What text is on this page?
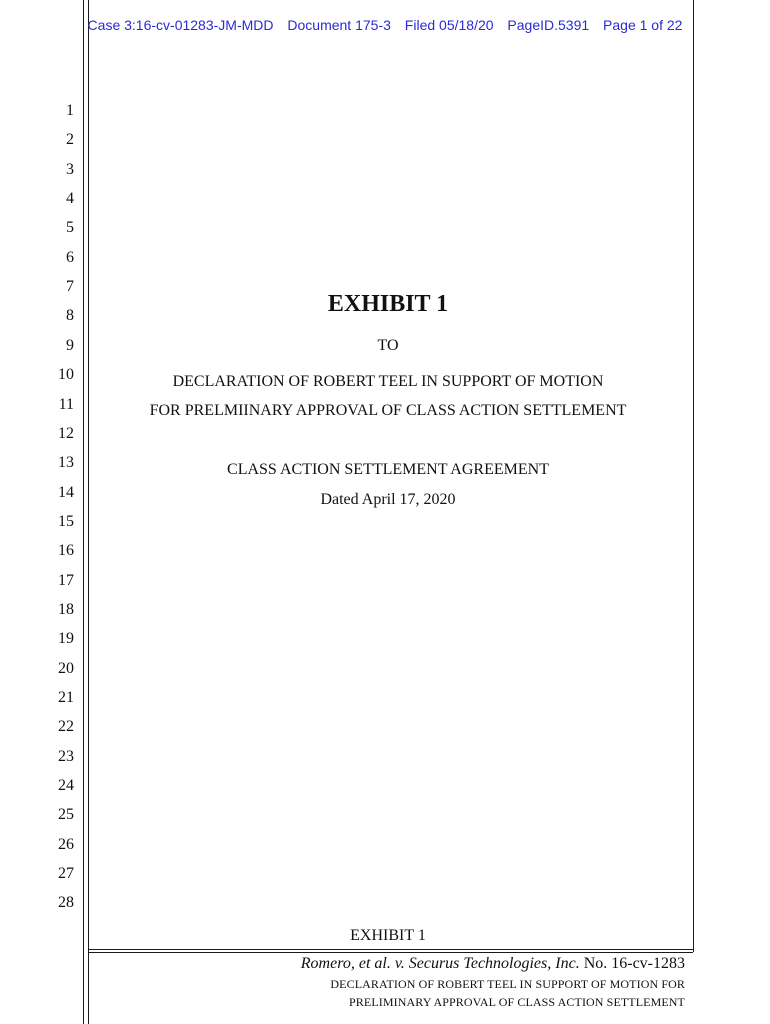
Case 3:16-cv-01283-JM-MDD Document 175-3 Filed 05/18/20 PageID.5391 Page 1 of 22
1
2
3
4
5
6
7
8
9
10
11
12
13
14
15
16
17
18
19
20
21
22
23
24
25
26
27
28
EXHIBIT 1
TO
DECLARATION OF ROBERT TEEL IN SUPPORT OF MOTION
FOR PRELMIINARY APPROVAL OF CLASS ACTION SETTLEMENT
CLASS ACTION SETTLEMENT AGREEMENT
Dated April 17, 2020
EXHIBIT 1
Romero, et al. v. Securus Technologies, Inc. No. 16-cv-1283
DECLARATION OF ROBERT TEEL IN SUPPORT OF MOTION FOR
PRELIMINARY APPROVAL OF CLASS ACTION SETTLEMENT
